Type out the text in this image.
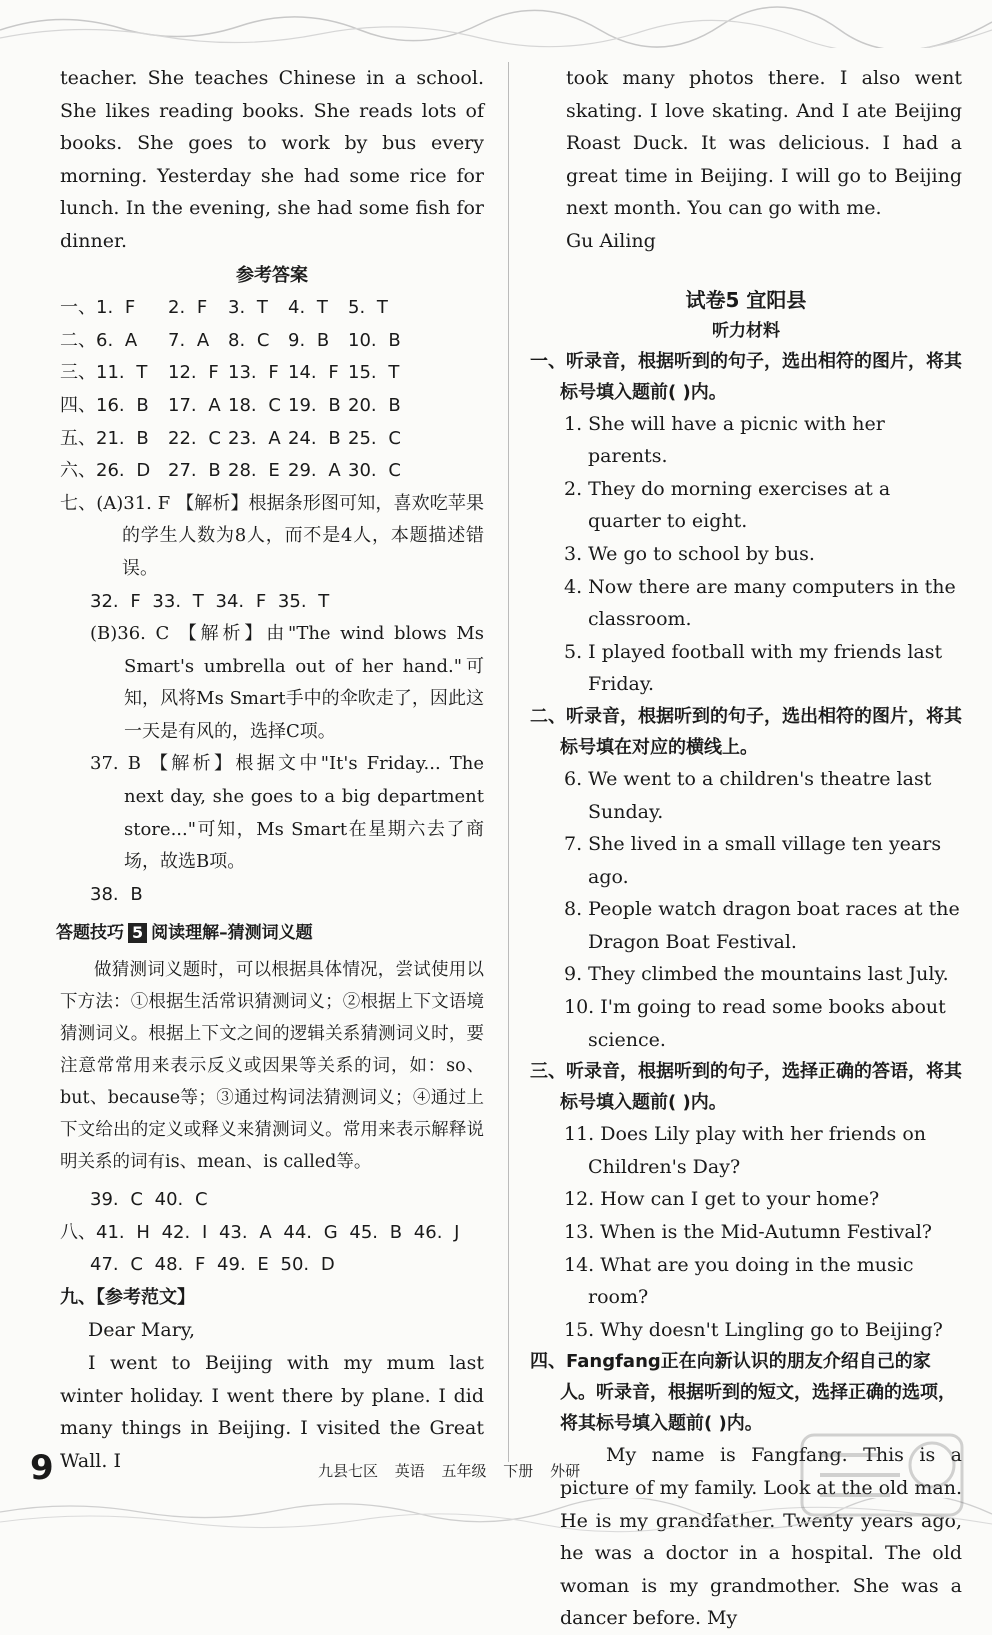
teacher. She teaches Chinese in a school. She likes reading books. She reads lots of books. She goes to work by bus every morning. Yesterday she had some rice for lunch. In the evening, she had some fish for dinner.

参考答案

一、1. F 2. F 3. T 4. T 5. T

二、6. A 7. A 8. C 9. B 10. B

三、11. T 12. F 13. F 14. F 15. T

四、16. B 17. A 18. C 19. B 20. B

五、21. B 22. C 23. A 24. B 25. C

六、26. D 27. B 28. E 29. A 30. C

七、(A)31. F 【解析】根据条形图可知，喜欢吃苹果的学生人数为8人，而不是4人，本题描述错误。

32. F 33. T 34. F 35. T

(B)36. C 【解析】由"The wind blows Ms Smart's umbrella out of her hand."可知，风将Ms Smart手中的伞吹走了，因此这一天是有风的，选择C项。

37. B 【解析】根据文中"It's Friday... The next day, she goes to a big department store..."可知，Ms Smart在星期六去了商场，故选B项。

38. B

答题技巧 5 阅读理解–猜测词义题

做猜测词义题时，可以根据具体情况，尝试使用以下方法：①根据生活常识猜测词义；②根据上下文语境猜测词义。根据上下文之间的逻辑关系猜测词义时，要注意常常用来表示反义或因果等关系的词，如：so、but、because等；③通过构词法猜测词义；④通过上下文给出的定义或释义来猜测词义。常用来表示解释说明关系的词有is、mean、is called等。

39. C 40. C

八、41. H 42. I 43. A 44. G 45. B 46. J

47. C 48. F 49. E 50. D

九、【参考范文】

Dear Mary,

I went to Beijing with my mum last winter holiday. I went there by plane. I did many things in Beijing. I visited the Great Wall. I

took many photos there. I also went skating. I love skating. And I ate Beijing Roast Duck. It was delicious. I had a great time in Beijing. I will go to Beijing next month. You can go with me.

Gu Ailing

试卷5 宜阳县

听力材料

一、听录音，根据听到的句子，选出相符的图片，将其标号填入题前( )内。

1. She will have a picnic with her parents.

2. They do morning exercises at a quarter to eight.

3. We go to school by bus.

4. Now there are many computers in the classroom.

5. I played football with my friends last Friday.

二、听录音，根据听到的句子，选出相符的图片，将其标号填在对应的横线上。

6. We went to a children's theatre last Sunday.

7. She lived in a small village ten years ago.

8. People watch dragon boat races at the Dragon Boat Festival.

9. They climbed the mountains last July.

10. I'm going to read some books about science.

三、听录音，根据听到的句子，选择正确的答语，将其标号填入题前( )内。

11. Does Lily play with her friends on Children's Day?

12. How can I get to your home?

13. When is the Mid-Autumn Festival?

14. What are you doing in the music room?

15. Why doesn't Lingling go to Beijing?

四、Fangfang正在向新认识的朋友介绍自己的家人。听录音，根据听到的短文，选择正确的选项，将其标号填入题前( )内。

My name is Fangfang. This is a picture of my family. Look at the old man. He is my grandfather. Twenty years ago, he was a doctor in a hospital. The old woman is my grandmother. She was a dancer before. My

9	九县七区 英语 五年级 下册 外研
